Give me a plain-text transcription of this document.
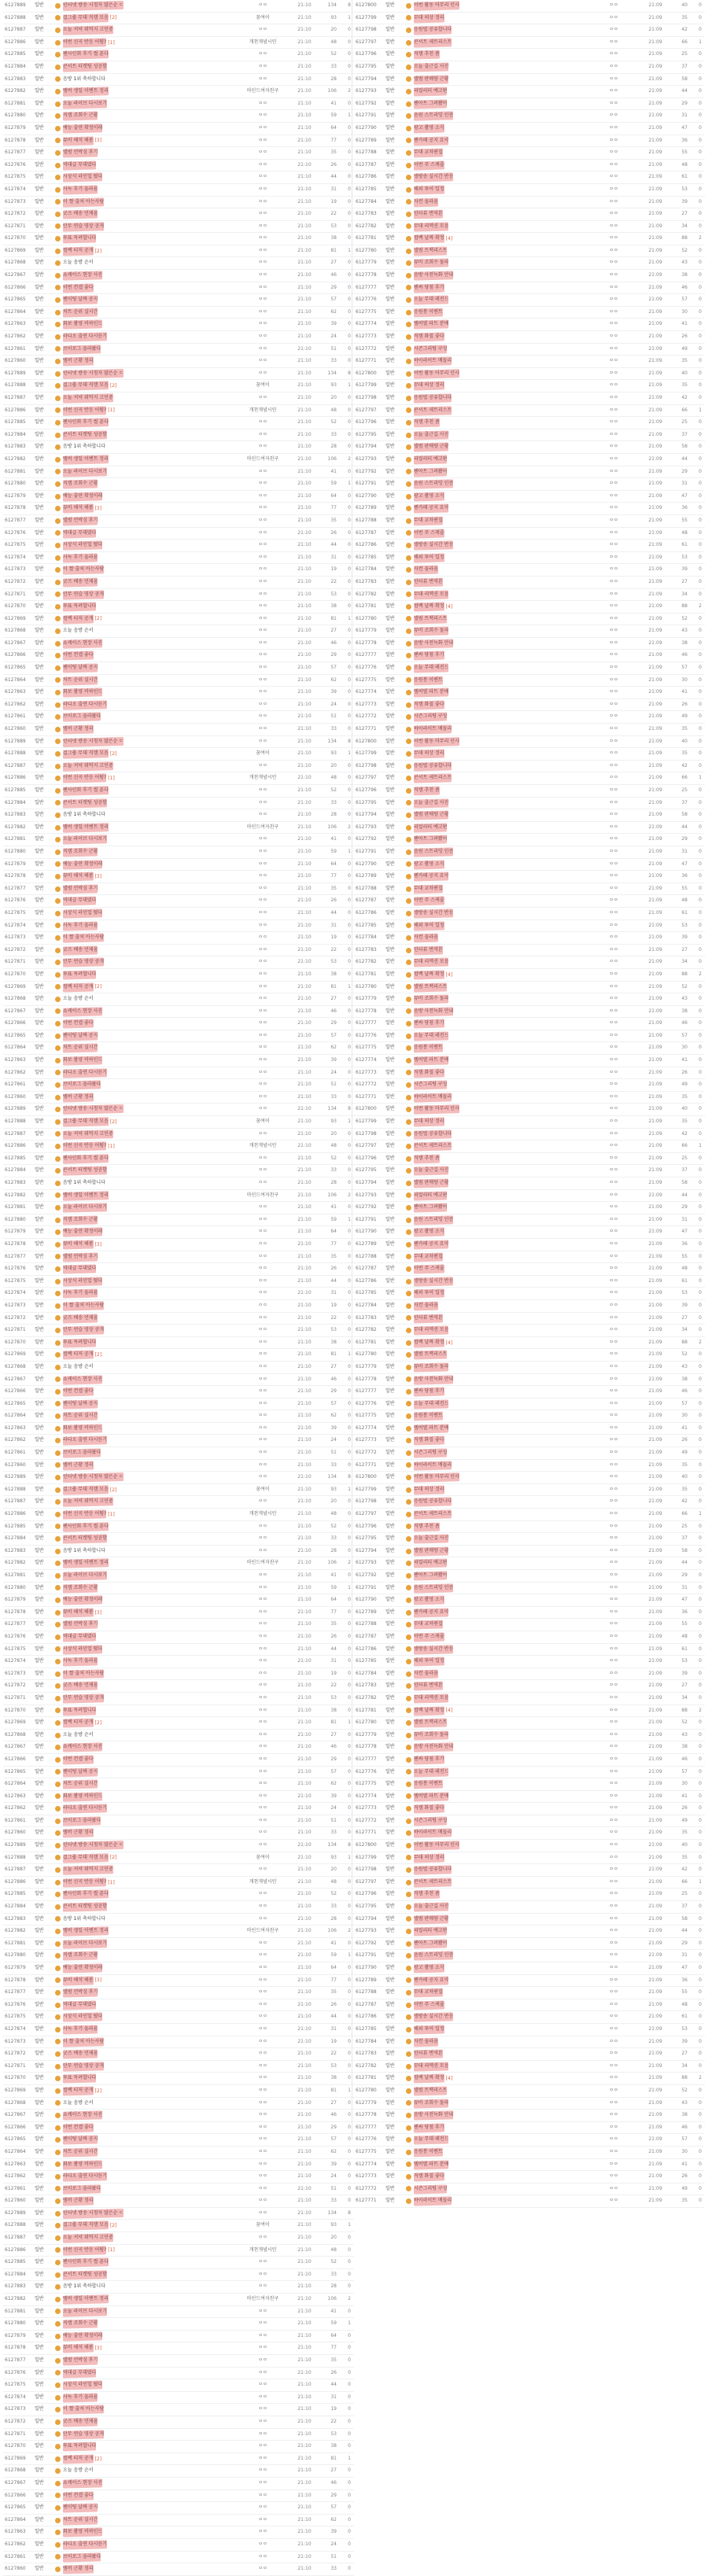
6127889	일반	인터넷 방송 시청자 많은순 ㄷ	ㅇㅇ	21:10	134	8
6127888	일반	걸그룹 무대 직캠 모음 [2]	꿈여이	21:10	93	1
6127887	일반	오늘 저녁 뭐먹지 고민중	ㅇㅇ	21:10	20	0
6127886	일반	이번 신곡 반응 어떰? [1]	개천개념시민	21:10	48	0
6127885	일반	팬사인회 후기 썰 푼다	ㅇㅇ	21:10	52	0
6127884	일반	콘서트 티켓팅 성공함	ㅇㅇ	21:10	33	0
6127883	일반	음방 1위 축하합니다	ㅇㅇ	21:10	28	0
6127882	일반	멤버 생일 이벤트 정리	마인드여자친구	21:10	106	2
6127881	일반	오늘 라이브 다시보기	ㅇㅇ	21:10	41	0
6127880	일반	직캠 조회수 근황	ㅇㅇ	21:10	59	1
6127879	일반	예능 출연 확정이래	ㅇㅇ	21:10	64	0
6127878	일반	뮤비 해석 해봄 [3]	ㅇㅇ	21:10	77	0
6127877	일반	앨범 언박싱 후기	ㅇㅇ	21:10	35	0
6127876	일반	역대급 무대였다	ㅇㅇ	21:10	26	0
6127875	일반	시상식 라인업 떴다	ㅇㅇ	21:10	44	0
6127874	일반	사녹 후기 올라옴	ㅇㅇ	21:10	31	0
6127873	일반	이 짤 출처 아는사람	ㅇㅇ	21:10	19	0
6127872	일반	굿즈 배송 언제옴	ㅇㅇ	21:10	22	0
6127871	일반	안무 연습 영상 공개	ㅇㅇ	21:10	53	0
6127870	일반	투표 독려합니다	ㅇㅇ	21:10	38	0
6127869	일반	컴백 티저 공개 [2]	ㅇㅇ	21:10	81	1
6127868	일반	오늘 음방 순서	ㅇㅇ	21:10	27	0
6127867	일반	쇼케이스 현장 사진	ㅇㅇ	21:10	46	0
6127866	일반	이번 컨셉 좋다	ㅇㅇ	21:10	29	0
6127865	일반	팬미팅 날짜 공지	ㅇㅇ	21:10	57	0
6127864	일반	차트 순위 실시간	ㅇㅇ	21:10	62	0
6127863	일반	화보 촬영 비하인드	ㅇㅇ	21:10	39	0
6127862	일반	라디오 출연 다시듣기	ㅇㅇ	21:10	24	0
6127861	일반	브이로그 올라왔다	ㅇㅇ	21:10	51	0
6127860	일반	멤버 근황 정리	ㅇㅇ	21:10	33	0
6127889	일반	인터넷 방송 시청자 많은순 ㄷ	ㅇㅇ	21:10	134	8
6127888	일반	걸그룹 무대 직캠 모음 [2]	꿈여이	21:10	93	1
6127887	일반	오늘 저녁 뭐먹지 고민중	ㅇㅇ	21:10	20	0
6127886	일반	이번 신곡 반응 어떰? [1]	개천개념시민	21:10	48	0
6127885	일반	팬사인회 후기 썰 푼다	ㅇㅇ	21:10	52	0
6127884	일반	콘서트 티켓팅 성공함	ㅇㅇ	21:10	33	0
6127883	일반	음방 1위 축하합니다	ㅇㅇ	21:10	28	0
6127882	일반	멤버 생일 이벤트 정리	마인드여자친구	21:10	106	2
6127881	일반	오늘 라이브 다시보기	ㅇㅇ	21:10	41	0
6127880	일반	직캠 조회수 근황	ㅇㅇ	21:10	59	1
6127879	일반	예능 출연 확정이래	ㅇㅇ	21:10	64	0
6127878	일반	뮤비 해석 해봄 [3]	ㅇㅇ	21:10	77	0
6127877	일반	앨범 언박싱 후기	ㅇㅇ	21:10	35	0
6127876	일반	역대급 무대였다	ㅇㅇ	21:10	26	0
6127875	일반	시상식 라인업 떴다	ㅇㅇ	21:10	44	0
6127874	일반	사녹 후기 올라옴	ㅇㅇ	21:10	31	0
6127873	일반	이 짤 출처 아는사람	ㅇㅇ	21:10	19	0
6127872	일반	굿즈 배송 언제옴	ㅇㅇ	21:10	22	0
6127871	일반	안무 연습 영상 공개	ㅇㅇ	21:10	53	0
6127870	일반	투표 독려합니다	ㅇㅇ	21:10	38	0
6127869	일반	컴백 티저 공개 [2]	ㅇㅇ	21:10	81	1
6127868	일반	오늘 음방 순서	ㅇㅇ	21:10	27	0
6127867	일반	쇼케이스 현장 사진	ㅇㅇ	21:10	46	0
6127866	일반	이번 컨셉 좋다	ㅇㅇ	21:10	29	0
6127865	일반	팬미팅 날짜 공지	ㅇㅇ	21:10	57	0
6127864	일반	차트 순위 실시간	ㅇㅇ	21:10	62	0
6127863	일반	화보 촬영 비하인드	ㅇㅇ	21:10	39	0
6127862	일반	라디오 출연 다시듣기	ㅇㅇ	21:10	24	0
6127861	일반	브이로그 올라왔다	ㅇㅇ	21:10	51	0
6127860	일반	멤버 근황 정리	ㅇㅇ	21:10	33	0
6127889	일반	인터넷 방송 시청자 많은순 ㄷ	ㅇㅇ	21:10	134	8
6127888	일반	걸그룹 무대 직캠 모음 [2]	꿈여이	21:10	93	1
6127887	일반	오늘 저녁 뭐먹지 고민중	ㅇㅇ	21:10	20	0
6127886	일반	이번 신곡 반응 어떰? [1]	개천개념시민	21:10	48	0
6127885	일반	팬사인회 후기 썰 푼다	ㅇㅇ	21:10	52	0
6127884	일반	콘서트 티켓팅 성공함	ㅇㅇ	21:10	33	0
6127883	일반	음방 1위 축하합니다	ㅇㅇ	21:10	28	0
6127882	일반	멤버 생일 이벤트 정리	마인드여자친구	21:10	106	2
6127881	일반	오늘 라이브 다시보기	ㅇㅇ	21:10	41	0
6127880	일반	직캠 조회수 근황	ㅇㅇ	21:10	59	1
6127879	일반	예능 출연 확정이래	ㅇㅇ	21:10	64	0
6127878	일반	뮤비 해석 해봄 [3]	ㅇㅇ	21:10	77	0
6127877	일반	앨범 언박싱 후기	ㅇㅇ	21:10	35	0
6127876	일반	역대급 무대였다	ㅇㅇ	21:10	26	0
6127875	일반	시상식 라인업 떴다	ㅇㅇ	21:10	44	0
6127874	일반	사녹 후기 올라옴	ㅇㅇ	21:10	31	0
6127873	일반	이 짤 출처 아는사람	ㅇㅇ	21:10	19	0
6127872	일반	굿즈 배송 언제옴	ㅇㅇ	21:10	22	0
6127871	일반	안무 연습 영상 공개	ㅇㅇ	21:10	53	0
6127870	일반	투표 독려합니다	ㅇㅇ	21:10	38	0
6127869	일반	컴백 티저 공개 [2]	ㅇㅇ	21:10	81	1
6127868	일반	오늘 음방 순서	ㅇㅇ	21:10	27	0
6127867	일반	쇼케이스 현장 사진	ㅇㅇ	21:10	46	0
6127866	일반	이번 컨셉 좋다	ㅇㅇ	21:10	29	0
6127865	일반	팬미팅 날짜 공지	ㅇㅇ	21:10	57	0
6127864	일반	차트 순위 실시간	ㅇㅇ	21:10	62	0
6127863	일반	화보 촬영 비하인드	ㅇㅇ	21:10	39	0
6127862	일반	라디오 출연 다시듣기	ㅇㅇ	21:10	24	0
6127861	일반	브이로그 올라왔다	ㅇㅇ	21:10	51	0
6127860	일반	멤버 근황 정리	ㅇㅇ	21:10	33	0
6127889	일반	인터넷 방송 시청자 많은순 ㄷ	ㅇㅇ	21:10	134	8
6127888	일반	걸그룹 무대 직캠 모음 [2]	꿈여이	21:10	93	1
6127887	일반	오늘 저녁 뭐먹지 고민중	ㅇㅇ	21:10	20	0
6127886	일반	이번 신곡 반응 어떰? [1]	개천개념시민	21:10	48	0
6127885	일반	팬사인회 후기 썰 푼다	ㅇㅇ	21:10	52	0
6127884	일반	콘서트 티켓팅 성공함	ㅇㅇ	21:10	33	0
6127883	일반	음방 1위 축하합니다	ㅇㅇ	21:10	28	0
6127882	일반	멤버 생일 이벤트 정리	마인드여자친구	21:10	106	2
6127881	일반	오늘 라이브 다시보기	ㅇㅇ	21:10	41	0
6127880	일반	직캠 조회수 근황	ㅇㅇ	21:10	59	1
6127879	일반	예능 출연 확정이래	ㅇㅇ	21:10	64	0
6127878	일반	뮤비 해석 해봄 [3]	ㅇㅇ	21:10	77	0
6127877	일반	앨범 언박싱 후기	ㅇㅇ	21:10	35	0
6127876	일반	역대급 무대였다	ㅇㅇ	21:10	26	0
6127875	일반	시상식 라인업 떴다	ㅇㅇ	21:10	44	0
6127874	일반	사녹 후기 올라옴	ㅇㅇ	21:10	31	0
6127873	일반	이 짤 출처 아는사람	ㅇㅇ	21:10	19	0
6127872	일반	굿즈 배송 언제옴	ㅇㅇ	21:10	22	0
6127871	일반	안무 연습 영상 공개	ㅇㅇ	21:10	53	0
6127870	일반	투표 독려합니다	ㅇㅇ	21:10	38	0
6127869	일반	컴백 티저 공개 [2]	ㅇㅇ	21:10	81	1
6127868	일반	오늘 음방 순서	ㅇㅇ	21:10	27	0
6127867	일반	쇼케이스 현장 사진	ㅇㅇ	21:10	46	0
6127866	일반	이번 컨셉 좋다	ㅇㅇ	21:10	29	0
6127865	일반	팬미팅 날짜 공지	ㅇㅇ	21:10	57	0
6127864	일반	차트 순위 실시간	ㅇㅇ	21:10	62	0
6127863	일반	화보 촬영 비하인드	ㅇㅇ	21:10	39	0
6127862	일반	라디오 출연 다시듣기	ㅇㅇ	21:10	24	0
6127861	일반	브이로그 올라왔다	ㅇㅇ	21:10	51	0
6127860	일반	멤버 근황 정리	ㅇㅇ	21:10	33	0
6127889	일반	인터넷 방송 시청자 많은순 ㄷ	ㅇㅇ	21:10	134	8
6127888	일반	걸그룹 무대 직캠 모음 [2]	꿈여이	21:10	93	1
6127887	일반	오늘 저녁 뭐먹지 고민중	ㅇㅇ	21:10	20	0
6127886	일반	이번 신곡 반응 어떰? [1]	개천개념시민	21:10	48	0
6127885	일반	팬사인회 후기 썰 푼다	ㅇㅇ	21:10	52	0
6127884	일반	콘서트 티켓팅 성공함	ㅇㅇ	21:10	33	0
6127883	일반	음방 1위 축하합니다	ㅇㅇ	21:10	28	0
6127882	일반	멤버 생일 이벤트 정리	마인드여자친구	21:10	106	2
6127881	일반	오늘 라이브 다시보기	ㅇㅇ	21:10	41	0
6127880	일반	직캠 조회수 근황	ㅇㅇ	21:10	59	1
6127879	일반	예능 출연 확정이래	ㅇㅇ	21:10	64	0
6127878	일반	뮤비 해석 해봄 [3]	ㅇㅇ	21:10	77	0
6127877	일반	앨범 언박싱 후기	ㅇㅇ	21:10	35	0
6127876	일반	역대급 무대였다	ㅇㅇ	21:10	26	0
6127875	일반	시상식 라인업 떴다	ㅇㅇ	21:10	44	0
6127874	일반	사녹 후기 올라옴	ㅇㅇ	21:10	31	0
6127873	일반	이 짤 출처 아는사람	ㅇㅇ	21:10	19	0
6127872	일반	굿즈 배송 언제옴	ㅇㅇ	21:10	22	0
6127871	일반	안무 연습 영상 공개	ㅇㅇ	21:10	53	0
6127870	일반	투표 독려합니다	ㅇㅇ	21:10	38	0
6127869	일반	컴백 티저 공개 [2]	ㅇㅇ	21:10	81	1
6127868	일반	오늘 음방 순서	ㅇㅇ	21:10	27	0
6127867	일반	쇼케이스 현장 사진	ㅇㅇ	21:10	46	0
6127866	일반	이번 컨셉 좋다	ㅇㅇ	21:10	29	0
6127865	일반	팬미팅 날짜 공지	ㅇㅇ	21:10	57	0
6127864	일반	차트 순위 실시간	ㅇㅇ	21:10	62	0
6127863	일반	화보 촬영 비하인드	ㅇㅇ	21:10	39	0
6127862	일반	라디오 출연 다시듣기	ㅇㅇ	21:10	24	0
6127861	일반	브이로그 올라왔다	ㅇㅇ	21:10	51	0
6127860	일반	멤버 근황 정리	ㅇㅇ	21:10	33	0
6127889	일반	인터넷 방송 시청자 많은순 ㄷ	ㅇㅇ	21:10	134	8
6127888	일반	걸그룹 무대 직캠 모음 [2]	꿈여이	21:10	93	1
6127887	일반	오늘 저녁 뭐먹지 고민중	ㅇㅇ	21:10	20	0
6127886	일반	이번 신곡 반응 어떰? [1]	개천개념시민	21:10	48	0
6127885	일반	팬사인회 후기 썰 푼다	ㅇㅇ	21:10	52	0
6127884	일반	콘서트 티켓팅 성공함	ㅇㅇ	21:10	33	0
6127883	일반	음방 1위 축하합니다	ㅇㅇ	21:10	28	0
6127882	일반	멤버 생일 이벤트 정리	마인드여자친구	21:10	106	2
6127881	일반	오늘 라이브 다시보기	ㅇㅇ	21:10	41	0
6127880	일반	직캠 조회수 근황	ㅇㅇ	21:10	59	1
6127879	일반	예능 출연 확정이래	ㅇㅇ	21:10	64	0
6127878	일반	뮤비 해석 해봄 [3]	ㅇㅇ	21:10	77	0
6127877	일반	앨범 언박싱 후기	ㅇㅇ	21:10	35	0
6127876	일반	역대급 무대였다	ㅇㅇ	21:10	26	0
6127875	일반	시상식 라인업 떴다	ㅇㅇ	21:10	44	0
6127874	일반	사녹 후기 올라옴	ㅇㅇ	21:10	31	0
6127873	일반	이 짤 출처 아는사람	ㅇㅇ	21:10	19	0
6127872	일반	굿즈 배송 언제옴	ㅇㅇ	21:10	22	0
6127871	일반	안무 연습 영상 공개	ㅇㅇ	21:10	53	0
6127870	일반	투표 독려합니다	ㅇㅇ	21:10	38	0
6127869	일반	컴백 티저 공개 [2]	ㅇㅇ	21:10	81	1
6127868	일반	오늘 음방 순서	ㅇㅇ	21:10	27	0
6127867	일반	쇼케이스 현장 사진	ㅇㅇ	21:10	46	0
6127866	일반	이번 컨셉 좋다	ㅇㅇ	21:10	29	0
6127865	일반	팬미팅 날짜 공지	ㅇㅇ	21:10	57	0
6127864	일반	차트 순위 실시간	ㅇㅇ	21:10	62	0
6127863	일반	화보 촬영 비하인드	ㅇㅇ	21:10	39	0
6127862	일반	라디오 출연 다시듣기	ㅇㅇ	21:10	24	0
6127861	일반	브이로그 올라왔다	ㅇㅇ	21:10	51	0
6127860	일반	멤버 근황 정리	ㅇㅇ	21:10	33	0
6127889	일반	인터넷 방송 시청자 많은순 ㄷ	ㅇㅇ	21:10	134	8
6127888	일반	걸그룹 무대 직캠 모음 [2]	꿈여이	21:10	93	1
6127887	일반	오늘 저녁 뭐먹지 고민중	ㅇㅇ	21:10	20	0
6127886	일반	이번 신곡 반응 어떰? [1]	개천개념시민	21:10	48	0
6127885	일반	팬사인회 후기 썰 푼다	ㅇㅇ	21:10	52	0
6127884	일반	콘서트 티켓팅 성공함	ㅇㅇ	21:10	33	0
6127883	일반	음방 1위 축하합니다	ㅇㅇ	21:10	28	0
6127882	일반	멤버 생일 이벤트 정리	마인드여자친구	21:10	106	2
6127881	일반	오늘 라이브 다시보기	ㅇㅇ	21:10	41	0
6127880	일반	직캠 조회수 근황	ㅇㅇ	21:10	59	1
6127879	일반	예능 출연 확정이래	ㅇㅇ	21:10	64	0
6127878	일반	뮤비 해석 해봄 [3]	ㅇㅇ	21:10	77	0
6127877	일반	앨범 언박싱 후기	ㅇㅇ	21:10	35	0
6127876	일반	역대급 무대였다	ㅇㅇ	21:10	26	0
6127875	일반	시상식 라인업 떴다	ㅇㅇ	21:10	44	0
6127874	일반	사녹 후기 올라옴	ㅇㅇ	21:10	31	0
6127873	일반	이 짤 출처 아는사람	ㅇㅇ	21:10	19	0
6127872	일반	굿즈 배송 언제옴	ㅇㅇ	21:10	22	0
6127871	일반	안무 연습 영상 공개	ㅇㅇ	21:10	53	0
6127870	일반	투표 독려합니다	ㅇㅇ	21:10	38	0
6127869	일반	컴백 티저 공개 [2]	ㅇㅇ	21:10	81	1
6127868	일반	오늘 음방 순서	ㅇㅇ	21:10	27	0
6127867	일반	쇼케이스 현장 사진	ㅇㅇ	21:10	46	0
6127866	일반	이번 컨셉 좋다	ㅇㅇ	21:10	29	0
6127865	일반	팬미팅 날짜 공지	ㅇㅇ	21:10	57	0
6127864	일반	차트 순위 실시간	ㅇㅇ	21:10	62	0
6127863	일반	화보 촬영 비하인드	ㅇㅇ	21:10	39	0
6127862	일반	라디오 출연 다시듣기	ㅇㅇ	21:10	24	0
6127861	일반	브이로그 올라왔다	ㅇㅇ	21:10	51	0
6127860	일반	멤버 근황 정리	ㅇㅇ	21:10	33	0
6127800	일반	이번 활동 마무리 인사	ㅇㅇ	21:09	40	0
6127799	일반	무대 의상 정리	ㅇㅇ	21:09	35	0
6127798	일반	응원법 공유합니다	ㅇㅇ	21:09	42	0
6127797	일반	콘서트 세트리스트	ㅇㅇ	21:09	66	1
6127796	일반	직캠 추천 좀	ㅇㅇ	21:09	25	0
6127795	일반	오늘 출근길 사진	ㅇㅇ	21:09	37	0
6127794	일반	앨범 판매량 근황	ㅇㅇ	21:09	58	0
6127793	일반	리얼리티 예고편	ㅇㅇ	21:09	44	0
6127792	일반	팬아트 그려봤어	ㅇㅇ	21:09	29	0
6127791	일반	음원 스트리밍 인증	ㅇㅇ	21:09	31	0
6127790	일반	광고 촬영 소식	ㅇㅇ	21:09	47	0
6127789	일반	팬카페 공지 요약	ㅇㅇ	21:09	36	0
6127788	일반	무대 교차편집	ㅇㅇ	21:09	55	0
6127787	일반	이번 주 스케줄	ㅇㅇ	21:09	48	0
6127786	일반	생방송 실시간 반응	ㅇㅇ	21:09	61	0
6127785	일반	해외 투어 일정	ㅇㅇ	21:09	53	0
6127784	일반	자컨 올라옴	ㅇㅇ	21:09	39	0
6127783	일반	인터뷰 번역본	ㅇㅇ	21:09	27	0
6127782	일반	무대 리액션 모음	ㅇㅇ	21:09	34	0
6127781	일반	컴백 날짜 확정 [4]	ㅇㅇ	21:09	88	2
6127780	일반	앨범 트랙리스트	ㅇㅇ	21:09	52	0
6127779	일반	뮤비 조회수 돌파	ㅇㅇ	21:09	43	0
6127778	일반	음방 사전녹화 안내	ㅇㅇ	21:09	38	0
6127777	일반	팬싸 당첨 후기	ㅇㅇ	21:09	46	0
6127776	일반	오늘 무대 레전드	ㅇㅇ	21:09	57	0
6127775	일반	응원봉 이벤트	ㅇㅇ	21:09	30	0
6127774	일반	멤버별 파트 분배	ㅇㅇ	21:09	41	0
6127773	일반	직캠 화질 좋다	ㅇㅇ	21:09	26	0
6127772	일반	시즌그리팅 구성	ㅇㅇ	21:09	49	0
6127771	일반	하이라이트 메들리	ㅇㅇ	21:09	35	0
6127800	일반	이번 활동 마무리 인사	ㅇㅇ	21:09	40	0
6127799	일반	무대 의상 정리	ㅇㅇ	21:09	35	0
6127798	일반	응원법 공유합니다	ㅇㅇ	21:09	42	0
6127797	일반	콘서트 세트리스트	ㅇㅇ	21:09	66	1
6127796	일반	직캠 추천 좀	ㅇㅇ	21:09	25	0
6127795	일반	오늘 출근길 사진	ㅇㅇ	21:09	37	0
6127794	일반	앨범 판매량 근황	ㅇㅇ	21:09	58	0
6127793	일반	리얼리티 예고편	ㅇㅇ	21:09	44	0
6127792	일반	팬아트 그려봤어	ㅇㅇ	21:09	29	0
6127791	일반	음원 스트리밍 인증	ㅇㅇ	21:09	31	0
6127790	일반	광고 촬영 소식	ㅇㅇ	21:09	47	0
6127789	일반	팬카페 공지 요약	ㅇㅇ	21:09	36	0
6127788	일반	무대 교차편집	ㅇㅇ	21:09	55	0
6127787	일반	이번 주 스케줄	ㅇㅇ	21:09	48	0
6127786	일반	생방송 실시간 반응	ㅇㅇ	21:09	61	0
6127785	일반	해외 투어 일정	ㅇㅇ	21:09	53	0
6127784	일반	자컨 올라옴	ㅇㅇ	21:09	39	0
6127783	일반	인터뷰 번역본	ㅇㅇ	21:09	27	0
6127782	일반	무대 리액션 모음	ㅇㅇ	21:09	34	0
6127781	일반	컴백 날짜 확정 [4]	ㅇㅇ	21:09	88	2
6127780	일반	앨범 트랙리스트	ㅇㅇ	21:09	52	0
6127779	일반	뮤비 조회수 돌파	ㅇㅇ	21:09	43	0
6127778	일반	음방 사전녹화 안내	ㅇㅇ	21:09	38	0
6127777	일반	팬싸 당첨 후기	ㅇㅇ	21:09	46	0
6127776	일반	오늘 무대 레전드	ㅇㅇ	21:09	57	0
6127775	일반	응원봉 이벤트	ㅇㅇ	21:09	30	0
6127774	일반	멤버별 파트 분배	ㅇㅇ	21:09	41	0
6127773	일반	직캠 화질 좋다	ㅇㅇ	21:09	26	0
6127772	일반	시즌그리팅 구성	ㅇㅇ	21:09	49	0
6127771	일반	하이라이트 메들리	ㅇㅇ	21:09	35	0
6127800	일반	이번 활동 마무리 인사	ㅇㅇ	21:09	40	0
6127799	일반	무대 의상 정리	ㅇㅇ	21:09	35	0
6127798	일반	응원법 공유합니다	ㅇㅇ	21:09	42	0
6127797	일반	콘서트 세트리스트	ㅇㅇ	21:09	66	1
6127796	일반	직캠 추천 좀	ㅇㅇ	21:09	25	0
6127795	일반	오늘 출근길 사진	ㅇㅇ	21:09	37	0
6127794	일반	앨범 판매량 근황	ㅇㅇ	21:09	58	0
6127793	일반	리얼리티 예고편	ㅇㅇ	21:09	44	0
6127792	일반	팬아트 그려봤어	ㅇㅇ	21:09	29	0
6127791	일반	음원 스트리밍 인증	ㅇㅇ	21:09	31	0
6127790	일반	광고 촬영 소식	ㅇㅇ	21:09	47	0
6127789	일반	팬카페 공지 요약	ㅇㅇ	21:09	36	0
6127788	일반	무대 교차편집	ㅇㅇ	21:09	55	0
6127787	일반	이번 주 스케줄	ㅇㅇ	21:09	48	0
6127786	일반	생방송 실시간 반응	ㅇㅇ	21:09	61	0
6127785	일반	해외 투어 일정	ㅇㅇ	21:09	53	0
6127784	일반	자컨 올라옴	ㅇㅇ	21:09	39	0
6127783	일반	인터뷰 번역본	ㅇㅇ	21:09	27	0
6127782	일반	무대 리액션 모음	ㅇㅇ	21:09	34	0
6127781	일반	컴백 날짜 확정 [4]	ㅇㅇ	21:09	88	2
6127780	일반	앨범 트랙리스트	ㅇㅇ	21:09	52	0
6127779	일반	뮤비 조회수 돌파	ㅇㅇ	21:09	43	0
6127778	일반	음방 사전녹화 안내	ㅇㅇ	21:09	38	0
6127777	일반	팬싸 당첨 후기	ㅇㅇ	21:09	46	0
6127776	일반	오늘 무대 레전드	ㅇㅇ	21:09	57	0
6127775	일반	응원봉 이벤트	ㅇㅇ	21:09	30	0
6127774	일반	멤버별 파트 분배	ㅇㅇ	21:09	41	0
6127773	일반	직캠 화질 좋다	ㅇㅇ	21:09	26	0
6127772	일반	시즌그리팅 구성	ㅇㅇ	21:09	49	0
6127771	일반	하이라이트 메들리	ㅇㅇ	21:09	35	0
6127800	일반	이번 활동 마무리 인사	ㅇㅇ	21:09	40	0
6127799	일반	무대 의상 정리	ㅇㅇ	21:09	35	0
6127798	일반	응원법 공유합니다	ㅇㅇ	21:09	42	0
6127797	일반	콘서트 세트리스트	ㅇㅇ	21:09	66	1
6127796	일반	직캠 추천 좀	ㅇㅇ	21:09	25	0
6127795	일반	오늘 출근길 사진	ㅇㅇ	21:09	37	0
6127794	일반	앨범 판매량 근황	ㅇㅇ	21:09	58	0
6127793	일반	리얼리티 예고편	ㅇㅇ	21:09	44	0
6127792	일반	팬아트 그려봤어	ㅇㅇ	21:09	29	0
6127791	일반	음원 스트리밍 인증	ㅇㅇ	21:09	31	0
6127790	일반	광고 촬영 소식	ㅇㅇ	21:09	47	0
6127789	일반	팬카페 공지 요약	ㅇㅇ	21:09	36	0
6127788	일반	무대 교차편집	ㅇㅇ	21:09	55	0
6127787	일반	이번 주 스케줄	ㅇㅇ	21:09	48	0
6127786	일반	생방송 실시간 반응	ㅇㅇ	21:09	61	0
6127785	일반	해외 투어 일정	ㅇㅇ	21:09	53	0
6127784	일반	자컨 올라옴	ㅇㅇ	21:09	39	0
6127783	일반	인터뷰 번역본	ㅇㅇ	21:09	27	0
6127782	일반	무대 리액션 모음	ㅇㅇ	21:09	34	0
6127781	일반	컴백 날짜 확정 [4]	ㅇㅇ	21:09	88	2
6127780	일반	앨범 트랙리스트	ㅇㅇ	21:09	52	0
6127779	일반	뮤비 조회수 돌파	ㅇㅇ	21:09	43	0
6127778	일반	음방 사전녹화 안내	ㅇㅇ	21:09	38	0
6127777	일반	팬싸 당첨 후기	ㅇㅇ	21:09	46	0
6127776	일반	오늘 무대 레전드	ㅇㅇ	21:09	57	0
6127775	일반	응원봉 이벤트	ㅇㅇ	21:09	30	0
6127774	일반	멤버별 파트 분배	ㅇㅇ	21:09	41	0
6127773	일반	직캠 화질 좋다	ㅇㅇ	21:09	26	0
6127772	일반	시즌그리팅 구성	ㅇㅇ	21:09	49	0
6127771	일반	하이라이트 메들리	ㅇㅇ	21:09	35	0
6127800	일반	이번 활동 마무리 인사	ㅇㅇ	21:09	40	0
6127799	일반	무대 의상 정리	ㅇㅇ	21:09	35	0
6127798	일반	응원법 공유합니다	ㅇㅇ	21:09	42	0
6127797	일반	콘서트 세트리스트	ㅇㅇ	21:09	66	1
6127796	일반	직캠 추천 좀	ㅇㅇ	21:09	25	0
6127795	일반	오늘 출근길 사진	ㅇㅇ	21:09	37	0
6127794	일반	앨범 판매량 근황	ㅇㅇ	21:09	58	0
6127793	일반	리얼리티 예고편	ㅇㅇ	21:09	44	0
6127792	일반	팬아트 그려봤어	ㅇㅇ	21:09	29	0
6127791	일반	음원 스트리밍 인증	ㅇㅇ	21:09	31	0
6127790	일반	광고 촬영 소식	ㅇㅇ	21:09	47	0
6127789	일반	팬카페 공지 요약	ㅇㅇ	21:09	36	0
6127788	일반	무대 교차편집	ㅇㅇ	21:09	55	0
6127787	일반	이번 주 스케줄	ㅇㅇ	21:09	48	0
6127786	일반	생방송 실시간 반응	ㅇㅇ	21:09	61	0
6127785	일반	해외 투어 일정	ㅇㅇ	21:09	53	0
6127784	일반	자컨 올라옴	ㅇㅇ	21:09	39	0
6127783	일반	인터뷰 번역본	ㅇㅇ	21:09	27	0
6127782	일반	무대 리액션 모음	ㅇㅇ	21:09	34	0
6127781	일반	컴백 날짜 확정 [4]	ㅇㅇ	21:09	88	2
6127780	일반	앨범 트랙리스트	ㅇㅇ	21:09	52	0
6127779	일반	뮤비 조회수 돌파	ㅇㅇ	21:09	43	0
6127778	일반	음방 사전녹화 안내	ㅇㅇ	21:09	38	0
6127777	일반	팬싸 당첨 후기	ㅇㅇ	21:09	46	0
6127776	일반	오늘 무대 레전드	ㅇㅇ	21:09	57	0
6127775	일반	응원봉 이벤트	ㅇㅇ	21:09	30	0
6127774	일반	멤버별 파트 분배	ㅇㅇ	21:09	41	0
6127773	일반	직캠 화질 좋다	ㅇㅇ	21:09	26	0
6127772	일반	시즌그리팅 구성	ㅇㅇ	21:09	49	0
6127771	일반	하이라이트 메들리	ㅇㅇ	21:09	35	0
6127800	일반	이번 활동 마무리 인사	ㅇㅇ	21:09	40	0
6127799	일반	무대 의상 정리	ㅇㅇ	21:09	35	0
6127798	일반	응원법 공유합니다	ㅇㅇ	21:09	42	0
6127797	일반	콘서트 세트리스트	ㅇㅇ	21:09	66	1
6127796	일반	직캠 추천 좀	ㅇㅇ	21:09	25	0
6127795	일반	오늘 출근길 사진	ㅇㅇ	21:09	37	0
6127794	일반	앨범 판매량 근황	ㅇㅇ	21:09	58	0
6127793	일반	리얼리티 예고편	ㅇㅇ	21:09	44	0
6127792	일반	팬아트 그려봤어	ㅇㅇ	21:09	29	0
6127791	일반	음원 스트리밍 인증	ㅇㅇ	21:09	31	0
6127790	일반	광고 촬영 소식	ㅇㅇ	21:09	47	0
6127789	일반	팬카페 공지 요약	ㅇㅇ	21:09	36	0
6127788	일반	무대 교차편집	ㅇㅇ	21:09	55	0
6127787	일반	이번 주 스케줄	ㅇㅇ	21:09	48	0
6127786	일반	생방송 실시간 반응	ㅇㅇ	21:09	61	0
6127785	일반	해외 투어 일정	ㅇㅇ	21:09	53	0
6127784	일반	자컨 올라옴	ㅇㅇ	21:09	39	0
6127783	일반	인터뷰 번역본	ㅇㅇ	21:09	27	0
6127782	일반	무대 리액션 모음	ㅇㅇ	21:09	34	0
6127781	일반	컴백 날짜 확정 [4]	ㅇㅇ	21:09	88	2
6127780	일반	앨범 트랙리스트	ㅇㅇ	21:09	52	0
6127779	일반	뮤비 조회수 돌파	ㅇㅇ	21:09	43	0
6127778	일반	음방 사전녹화 안내	ㅇㅇ	21:09	38	0
6127777	일반	팬싸 당첨 후기	ㅇㅇ	21:09	46	0
6127776	일반	오늘 무대 레전드	ㅇㅇ	21:09	57	0
6127775	일반	응원봉 이벤트	ㅇㅇ	21:09	30	0
6127774	일반	멤버별 파트 분배	ㅇㅇ	21:09	41	0
6127773	일반	직캠 화질 좋다	ㅇㅇ	21:09	26	0
6127772	일반	시즌그리팅 구성	ㅇㅇ	21:09	49	0
6127771	일반	하이라이트 메들리	ㅇㅇ	21:09	35	0
